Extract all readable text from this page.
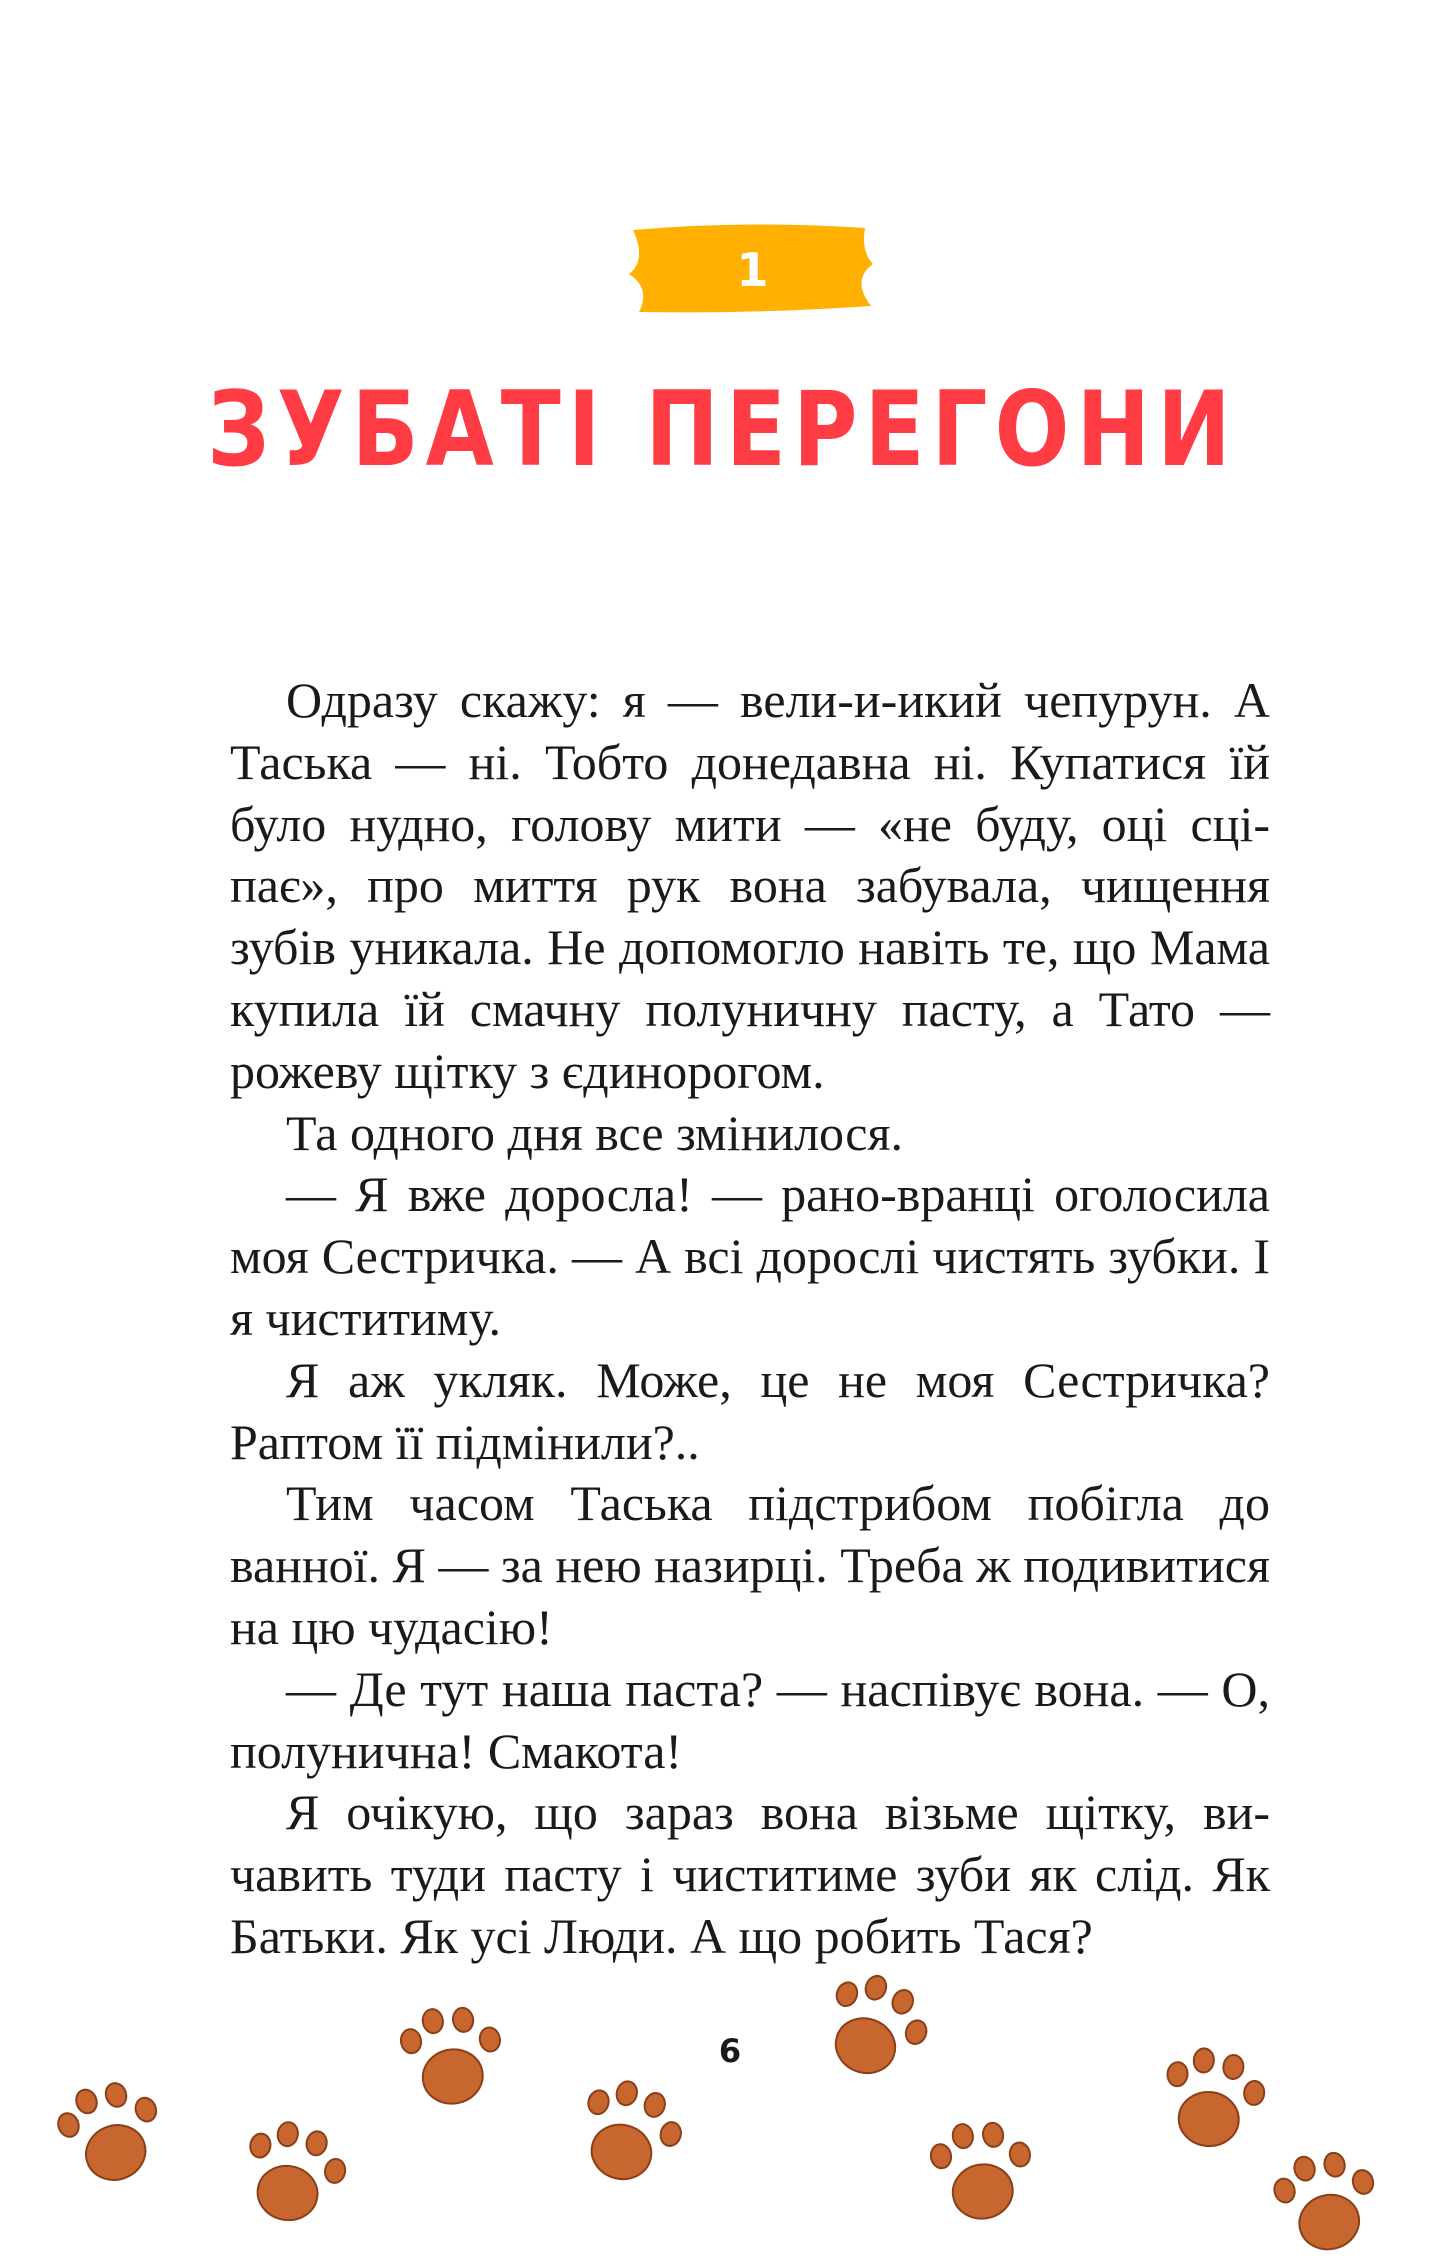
1
ЗУБАТІ ПЕРЕГОНИ

Одразу скажу: я — вели-и-икий чепурун. А Таська — ні. Тобто донедавна ні. Купатися їй було нудно, голову мити — «не буду, оці сціпає», про миття рук вона забувала, чищення зубів уникала. Не допомогло навіть те, що Мама купила їй смачну полуничну пасту, а Тато — рожеву щітку з єдинорогом.

Та одного дня все змінилося.

— Я вже доросла! — рано-вранці оголосила моя Сестричка. — А всі дорослі чистять зубки. І я чиститиму.

Я аж укляк. Може, це не моя Сестричка? Раптом її підмінили?..

Тим часом Таська підстрибом побігла до ванної. Я — за нею назирці. Треба ж подивитися на цю чудасію!

— Де тут наша паста? — наспівує вона. — О, полунична! Смакота!

Я очікую, що зараз вона візьме щітку, вичавить туди пасту і чиститиме зуби як слід. Як Батьки. Як усі Люди. А що робить Тася?

6
